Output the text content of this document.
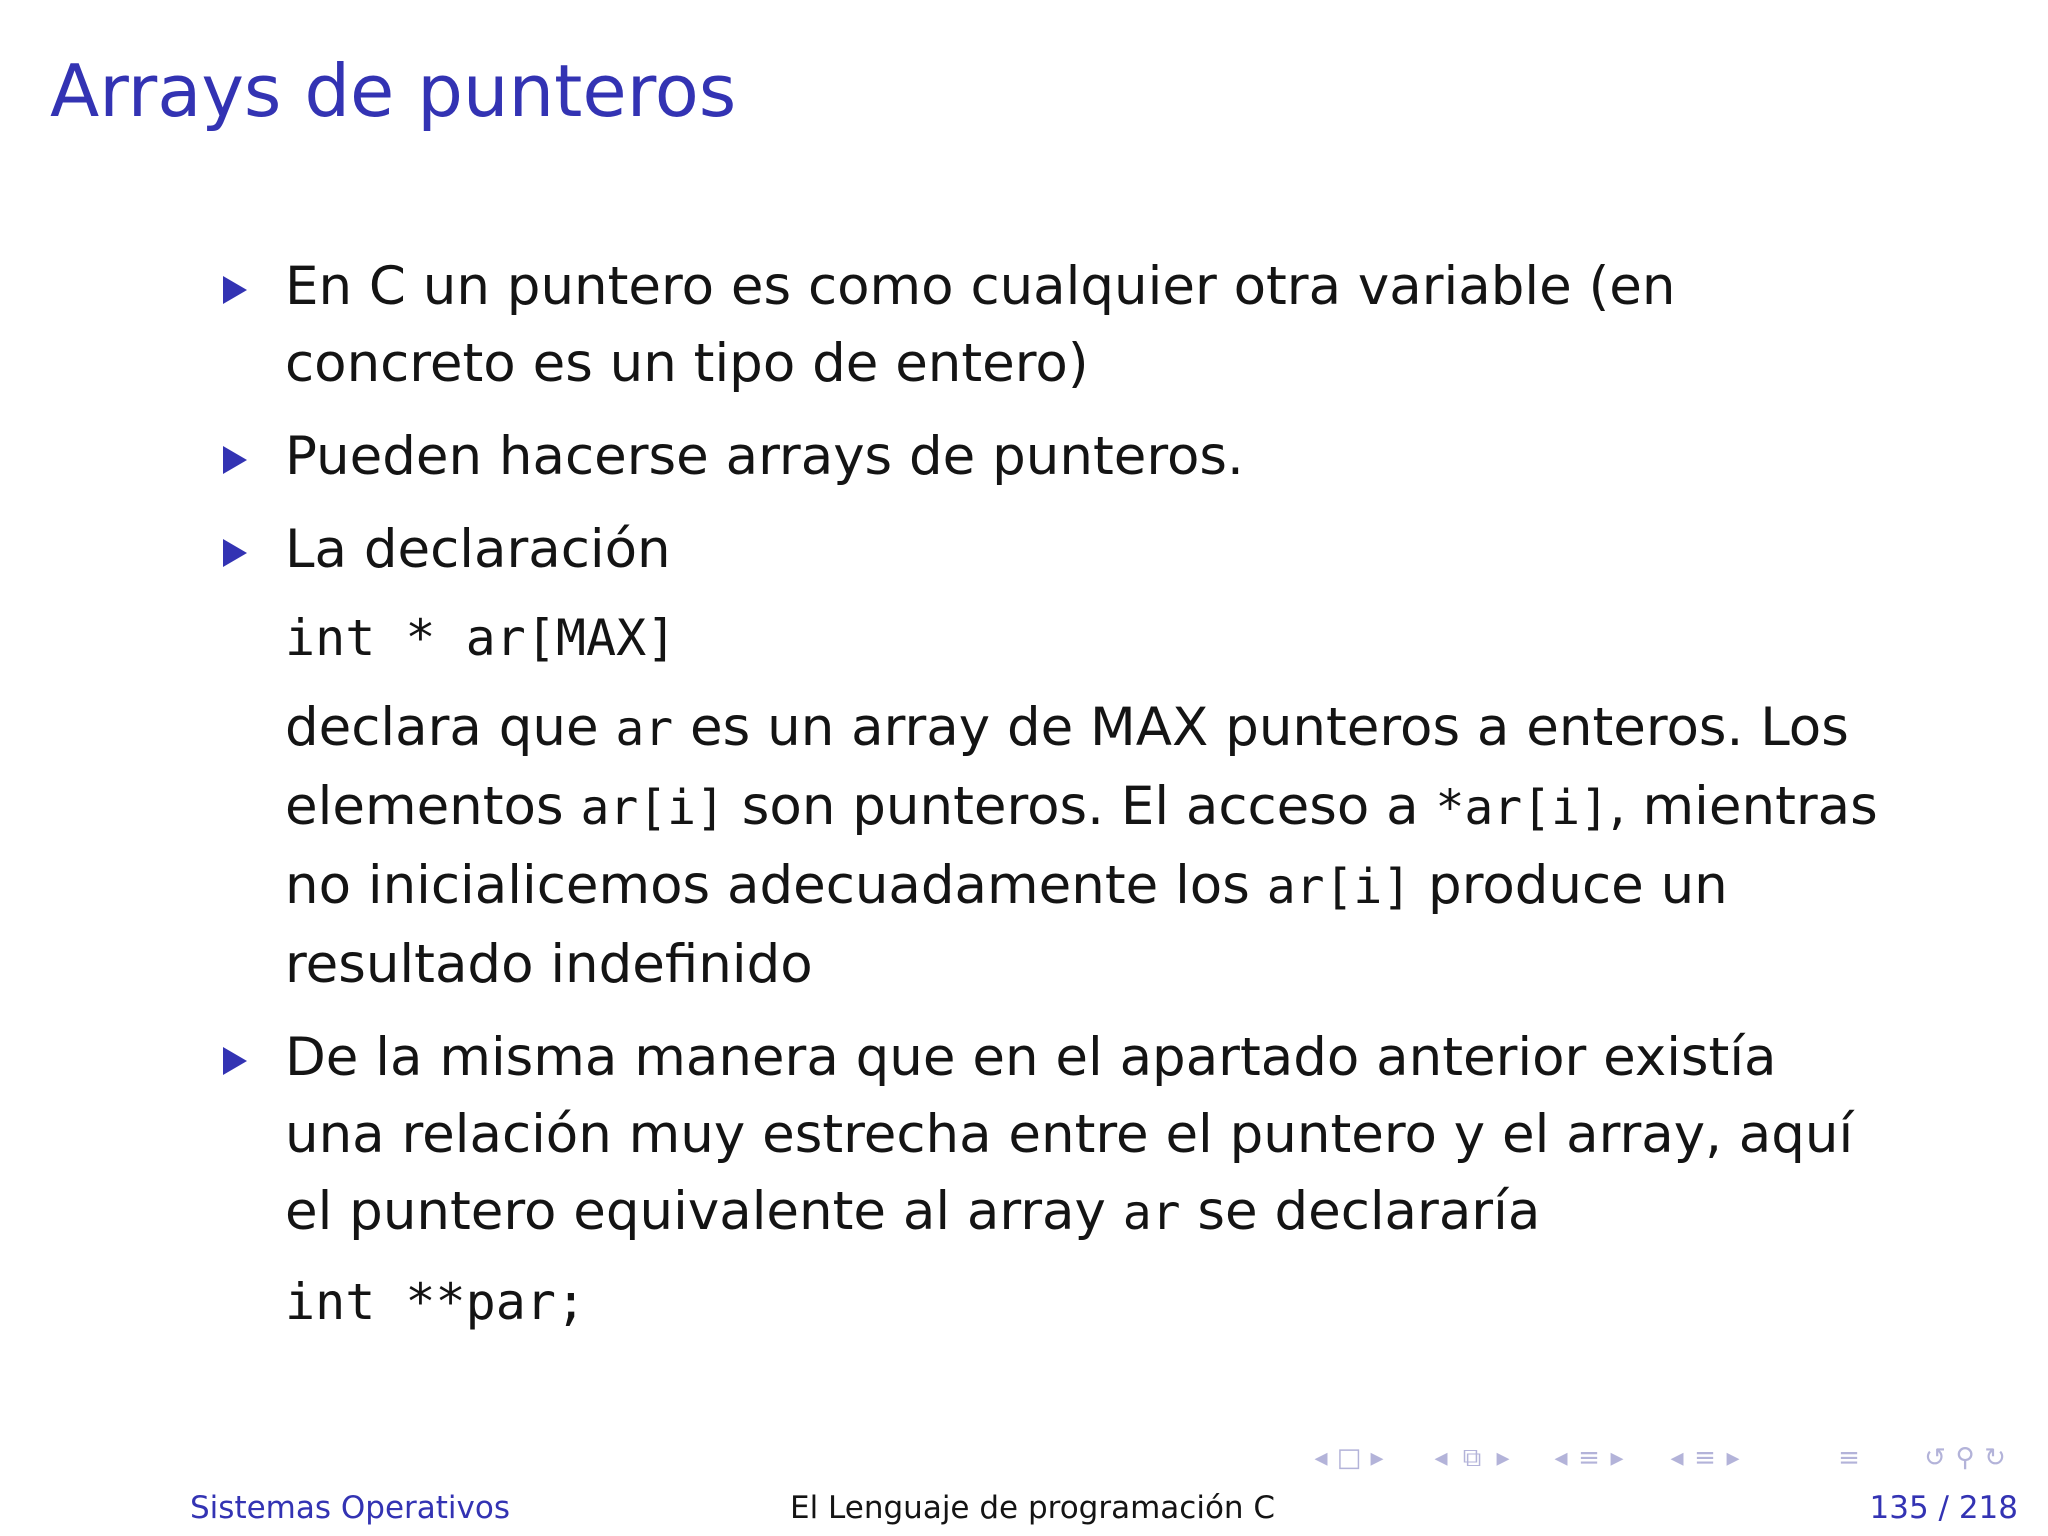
Arrays de punteros

En C un puntero es como cualquier otra variable (en concreto es un tipo de entero)

Pueden hacerse arrays de punteros.

La declaración

int * ar[MAX]

declara que ar es un array de MAX punteros a enteros. Los elementos ar[i] son punteros. El acceso a *ar[i], mientras no inicialicemos adecuadamente los ar[i] produce un resultado indefinido

De la misma manera que en el apartado anterior existía una relación muy estrecha entre el puntero y el array, aquí el puntero equivalente al array ar se declararía

int **par;
◂ □ ▸ ◂ ⧉ ▸ ◂ ≡ ▸ ◂ ≡ ▸	≡ ↺ ⚲ ↻
Sistemas Operativos	El Lenguaje de programación C	135 / 218
